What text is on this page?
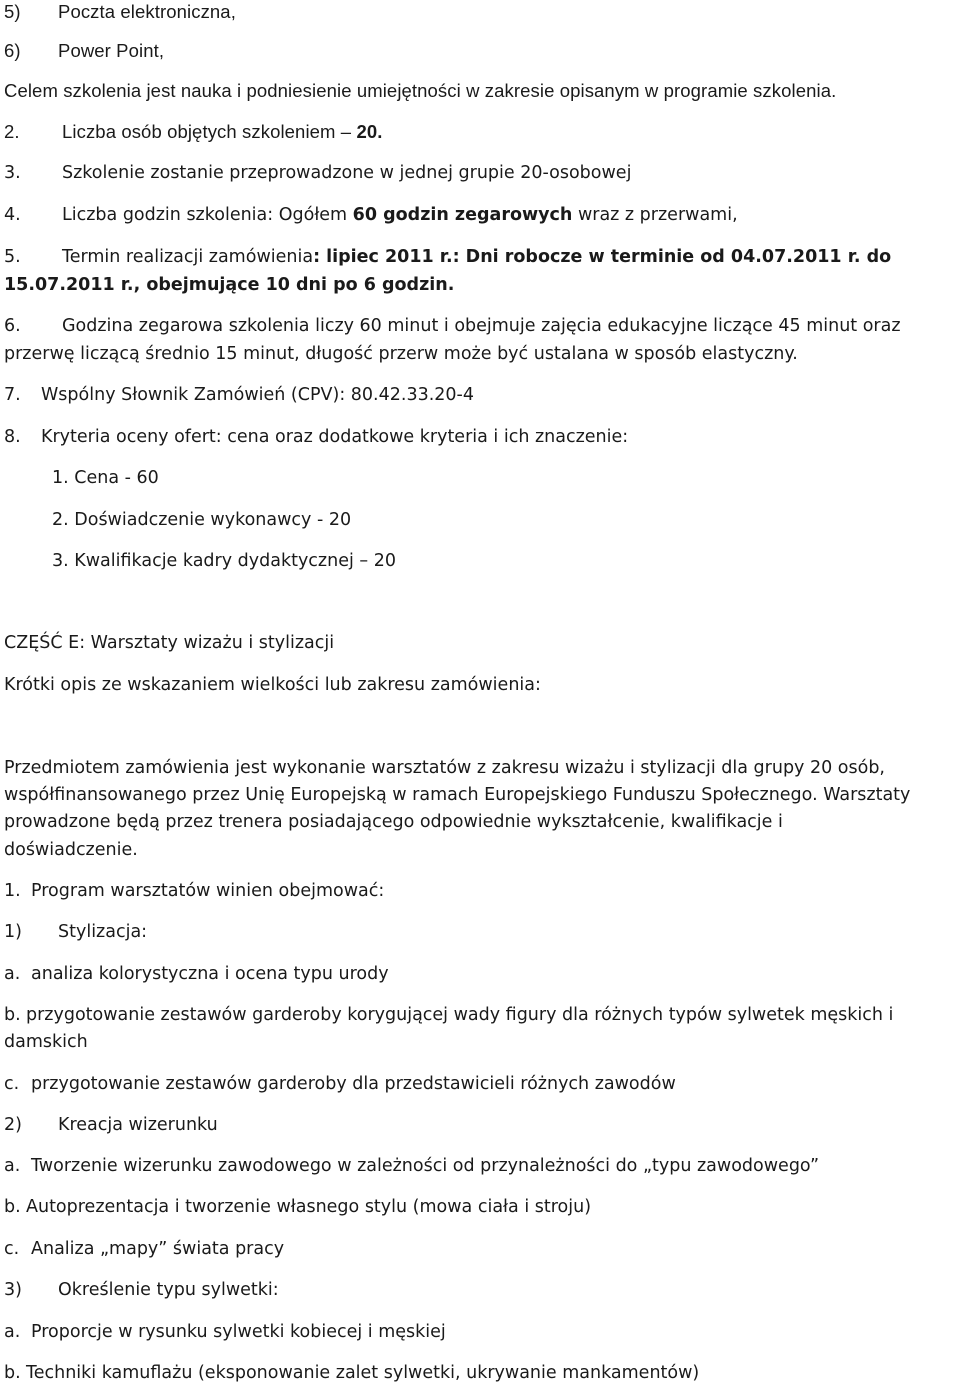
5) Poczta elektroniczna,
6) Power Point,
Celem szkolenia jest nauka i podniesienie umiejętności w zakresie opisanym w programie szkolenia.
2. Liczba osób objętych szkoleniem – 20.
3. Szkolenie zostanie przeprowadzone w jednej grupie 20-osobowej
4. Liczba godzin szkolenia: Ogółem 60 godzin zegarowych wraz z przerwami,
5. Termin realizacji zamówienia: lipiec 2011 r.: Dni robocze w terminie od 04.07.2011 r. do
15.07.2011 r., obejmujące 10 dni po 6 godzin.
6. Godzina zegarowa szkolenia liczy 60 minut i obejmuje zajęcia edukacyjne liczące 45 minut oraz
przerwę liczącą średnio 15 minut, długość przerw może być ustalana w sposób elastyczny.
7. Wspólny Słownik Zamówień (CPV): 80.42.33.20-4
8. Kryteria oceny ofert: cena oraz dodatkowe kryteria i ich znaczenie:
1. Cena - 60
2. Doświadczenie wykonawcy - 20
3. Kwalifikacje kadry dydaktycznej – 20
CZĘŚĆ E: Warsztaty wizażu i stylizacji
Krótki opis ze wskazaniem wielkości lub zakresu zamówienia:
Przedmiotem zamówienia jest wykonanie warsztatów z zakresu wizażu i stylizacji dla grupy 20 osób,
współfinansowanego przez Unię Europejską w ramach Europejskiego Funduszu Społecznego. Warsztaty
prowadzone będą przez trenera posiadającego odpowiednie wykształcenie, kwalifikacje i
doświadczenie.
1. Program warsztatów winien obejmować:
1) Stylizacja:
a. analiza kolorystyczna i ocena typu urody
b. przygotowanie zestawów garderoby korygującej wady figury dla różnych typów sylwetek męskich i
damskich
c. przygotowanie zestawów garderoby dla przedstawicieli różnych zawodów
2) Kreacja wizerunku
a. Tworzenie wizerunku zawodowego w zależności od przynależności do „typu zawodowego”
b. Autoprezentacja i tworzenie własnego stylu (mowa ciała i stroju)
c. Analiza „mapy” świata pracy
3) Określenie typu sylwetki:
a. Proporcje w rysunku sylwetki kobiecej i męskiej
b. Techniki kamuflażu (eksponowanie zalet sylwetki, ukrywanie mankamentów)
